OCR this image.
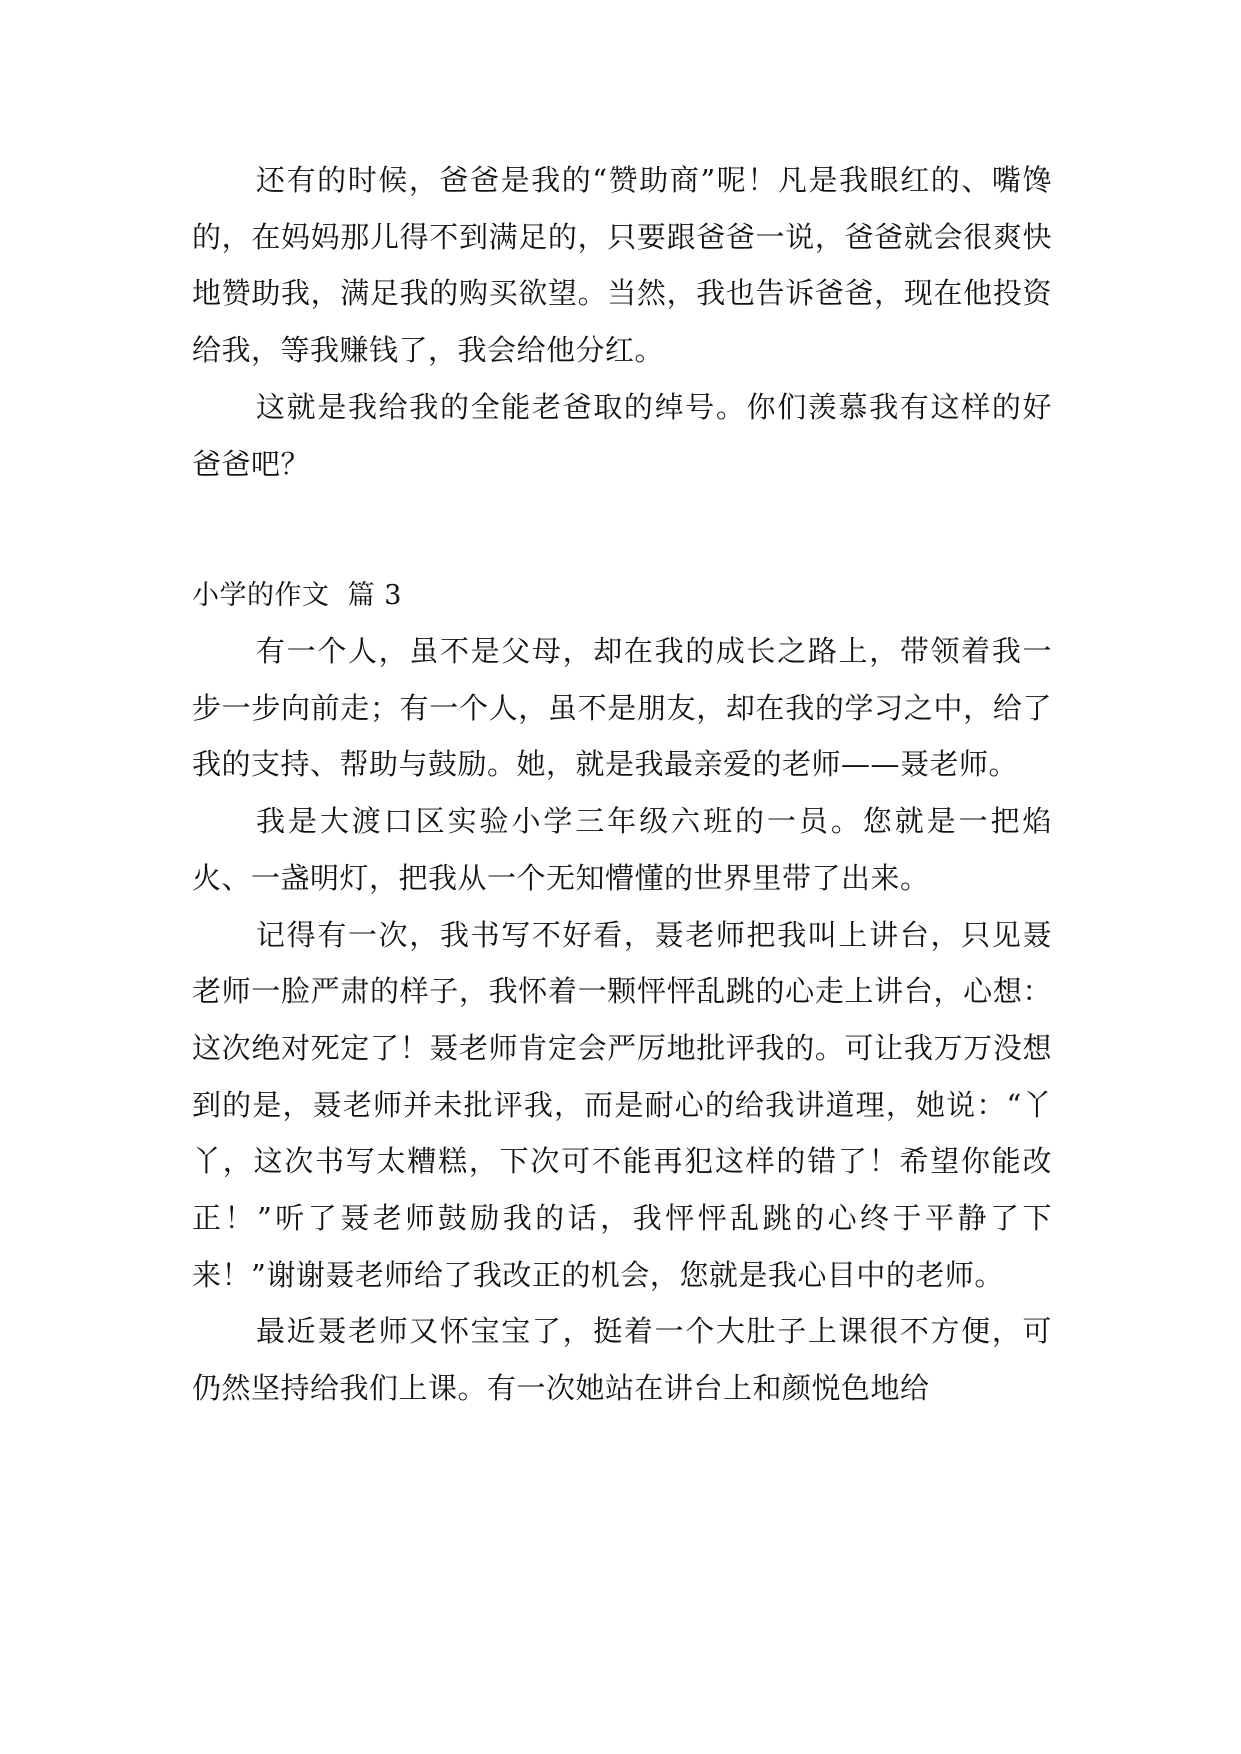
还有的时候，爸爸是我的“赞助商”呢！凡是我眼红的、嘴馋的，在妈妈那儿得不到满足的，只要跟爸爸一说，爸爸就会很爽快地赞助我，满足我的购买欲望。当然，我也告诉爸爸，现在他投资给我，等我赚钱了，我会给他分红。

这就是我给我的全能老爸取的绰号。你们羡慕我有这样的好爸爸吧？

小学的作文  篇 3

有一个人，虽不是父母，却在我的成长之路上，带领着我一步一步向前走；有一个人，虽不是朋友，却在我的学习之中，给了我的支持、帮助与鼓励。她，就是我最亲爱的老师——聂老师。

我是大渡口区实验小学三年级六班的一员。您就是一把焰火、一盏明灯，把我从一个无知懵懂的世界里带了出来。

记得有一次，我书写不好看，聂老师把我叫上讲台，只见聂老师一脸严肃的样子，我怀着一颗怦怦乱跳的心走上讲台，心想：这次绝对死定了！聂老师肯定会严厉地批评我的。可让我万万没想到的是，聂老师并未批评我，而是耐心的给我讲道理，她说：“丫丫，这次书写太糟糕，下次可不能再犯这样的错了！希望你能改正！”听了聂老师鼓励我的话，我怦怦乱跳的心终于平静了下来！”谢谢聂老师给了我改正的机会，您就是我心目中的老师。

最近聂老师又怀宝宝了，挺着一个大肚子上课很不方便，可仍然坚持给我们上课。有一次她站在讲台上和颜悦色地给
